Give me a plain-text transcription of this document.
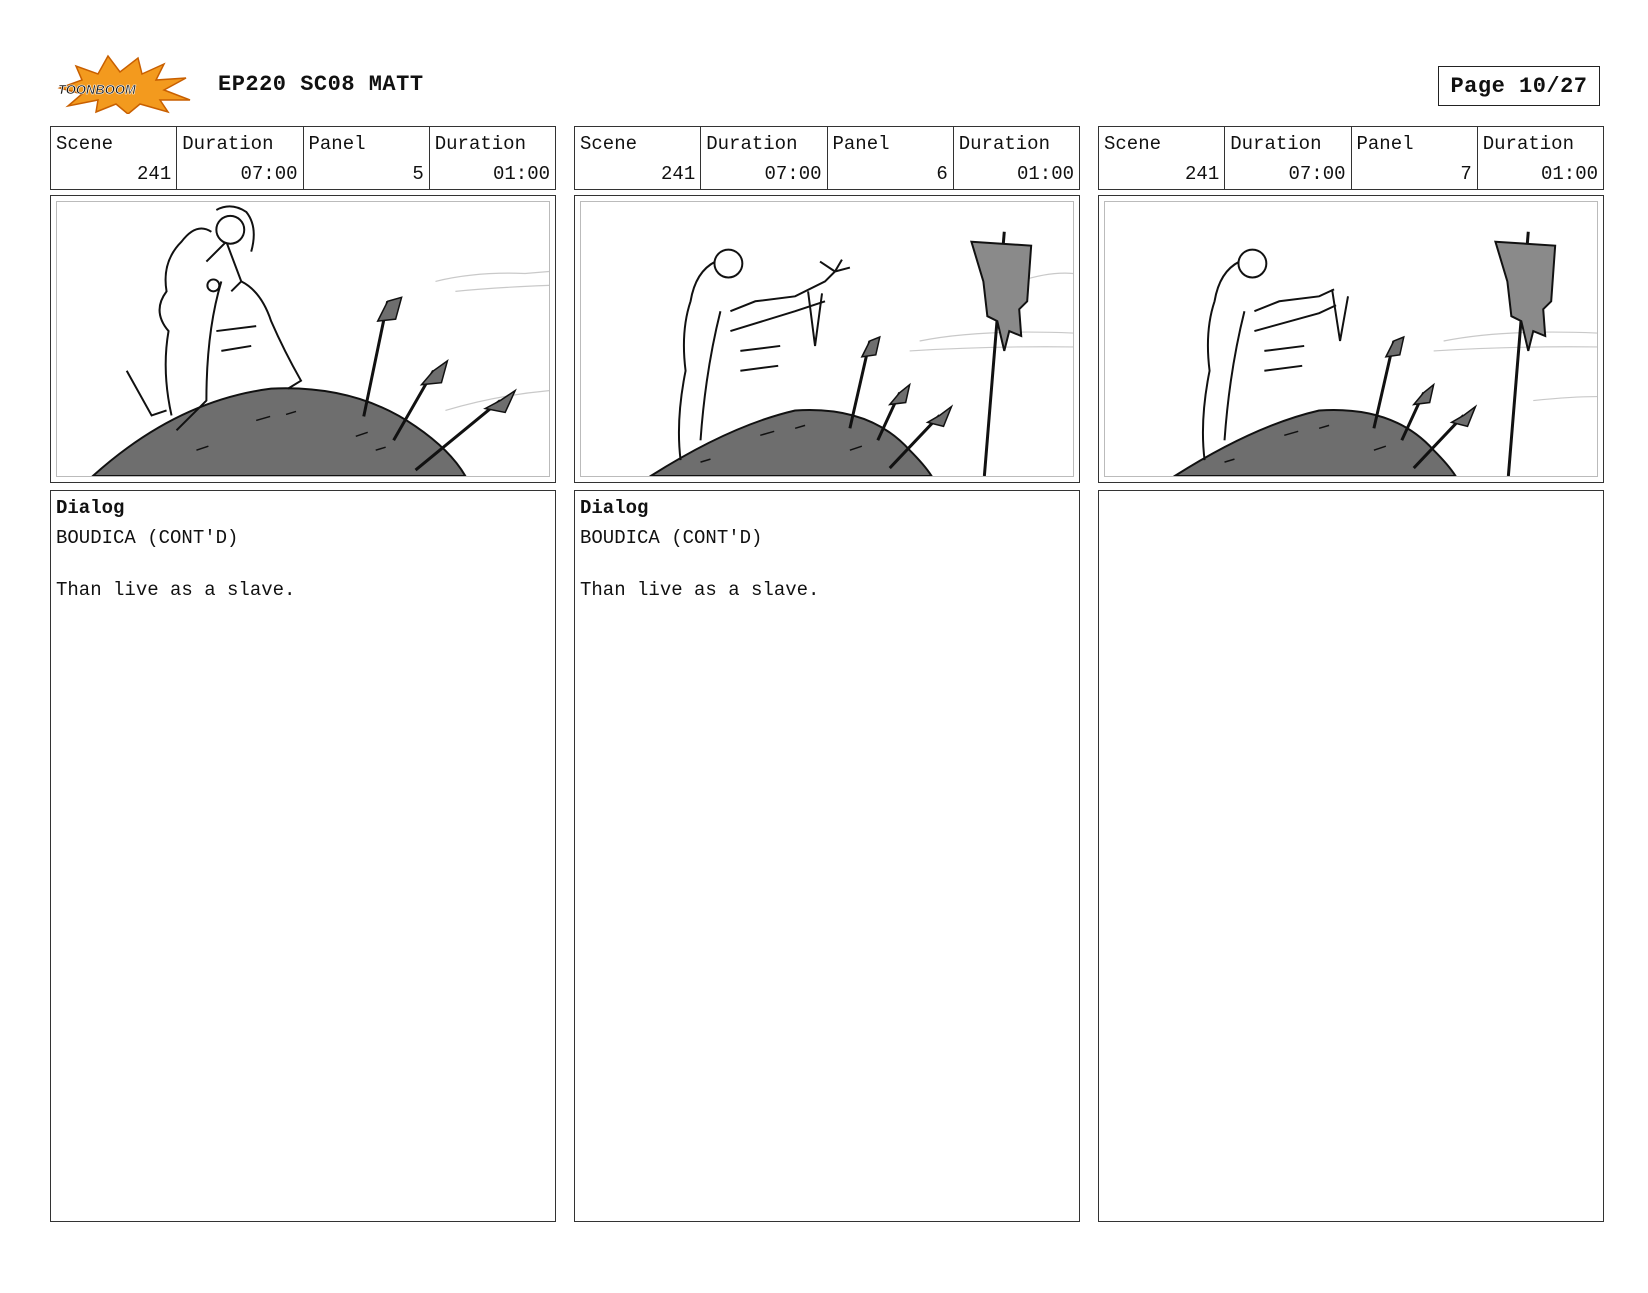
TOONBOOM	EP220 SC08 MATT	Page 10/27
Scene
241
Duration
07:00
Panel
5
Duration
01:00
Dialog
BOUDICA (CONT'D)
Than live as a slave.
Scene
241
Duration
07:00
Panel
6
Duration
01:00
Dialog
BOUDICA (CONT'D)
Than live as a slave.
Scene
241
Duration
07:00
Panel
7
Duration
01:00
